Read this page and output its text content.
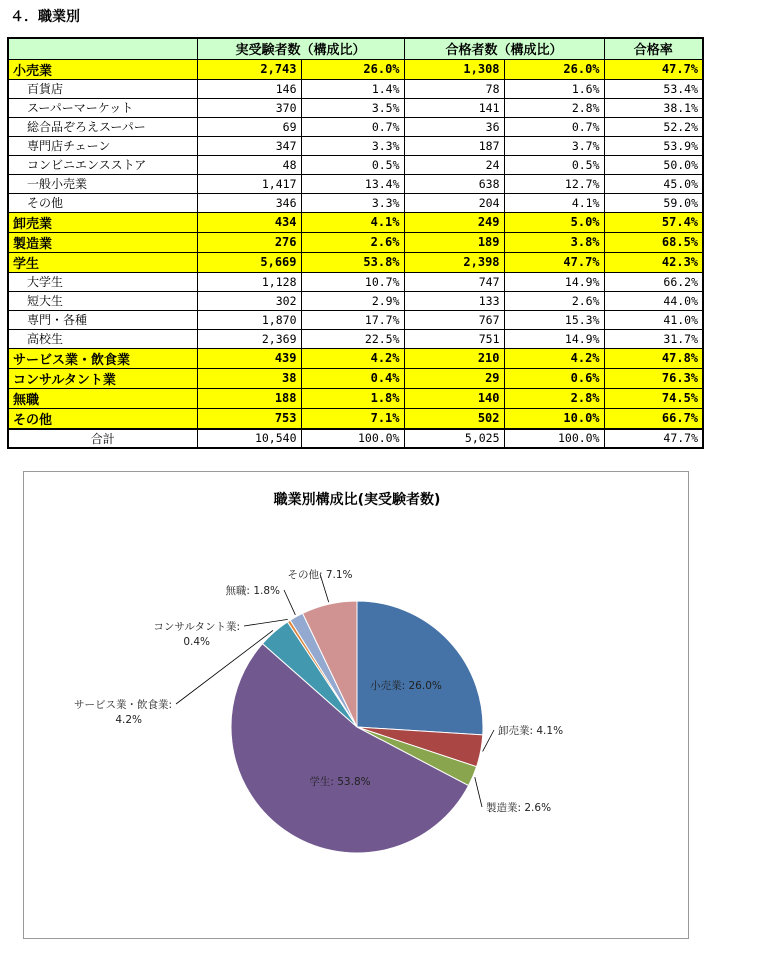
４．職業別
	実受験者数（構成比）		合格者数（構成比）		合格率
小売業	2,743	26.0%	1,308	26.0%	47.7%
百貨店	146	1.4%	78	1.6%	53.4%
スーパーマーケット	370	3.5%	141	2.8%	38.1%
総合品ぞろえスーパー	69	0.7%	36	0.7%	52.2%
専門店チェーン	347	3.3%	187	3.7%	53.9%
コンビニエンスストア	48	0.5%	24	0.5%	50.0%
一般小売業	1,417	13.4%	638	12.7%	45.0%
その他	346	3.3%	204	4.1%	59.0%
卸売業	434	4.1%	249	5.0%	57.4%
製造業	276	2.6%	189	3.8%	68.5%
学生	5,669	53.8%	2,398	47.7%	42.3%
大学生	1,128	10.7%	747	14.9%	66.2%
短大生	302	2.9%	133	2.6%	44.0%
専門・各種	1,870	17.7%	767	15.3%	41.0%
高校生	2,369	22.5%	751	14.9%	31.7%
サービス業・飲食業	439	4.2%	210	4.2%	47.8%
コンサルタント業	38	0.4%	29	0.6%	76.3%
無職	188	1.8%	140	2.8%	74.5%
その他	753	7.1%	502	10.0%	66.7%
合計	10,540	100.0%	5,025	100.0%	47.7%
職業別構成比(実受験者数)
小売業: 26.0%
卸売業: 4.1%
製造業: 2.6%
学生: 53.8%
サービス業・飲食業: 4.2%
コンサルタント業: 0.4%
無職: 1.8%
その他: 7.1%
